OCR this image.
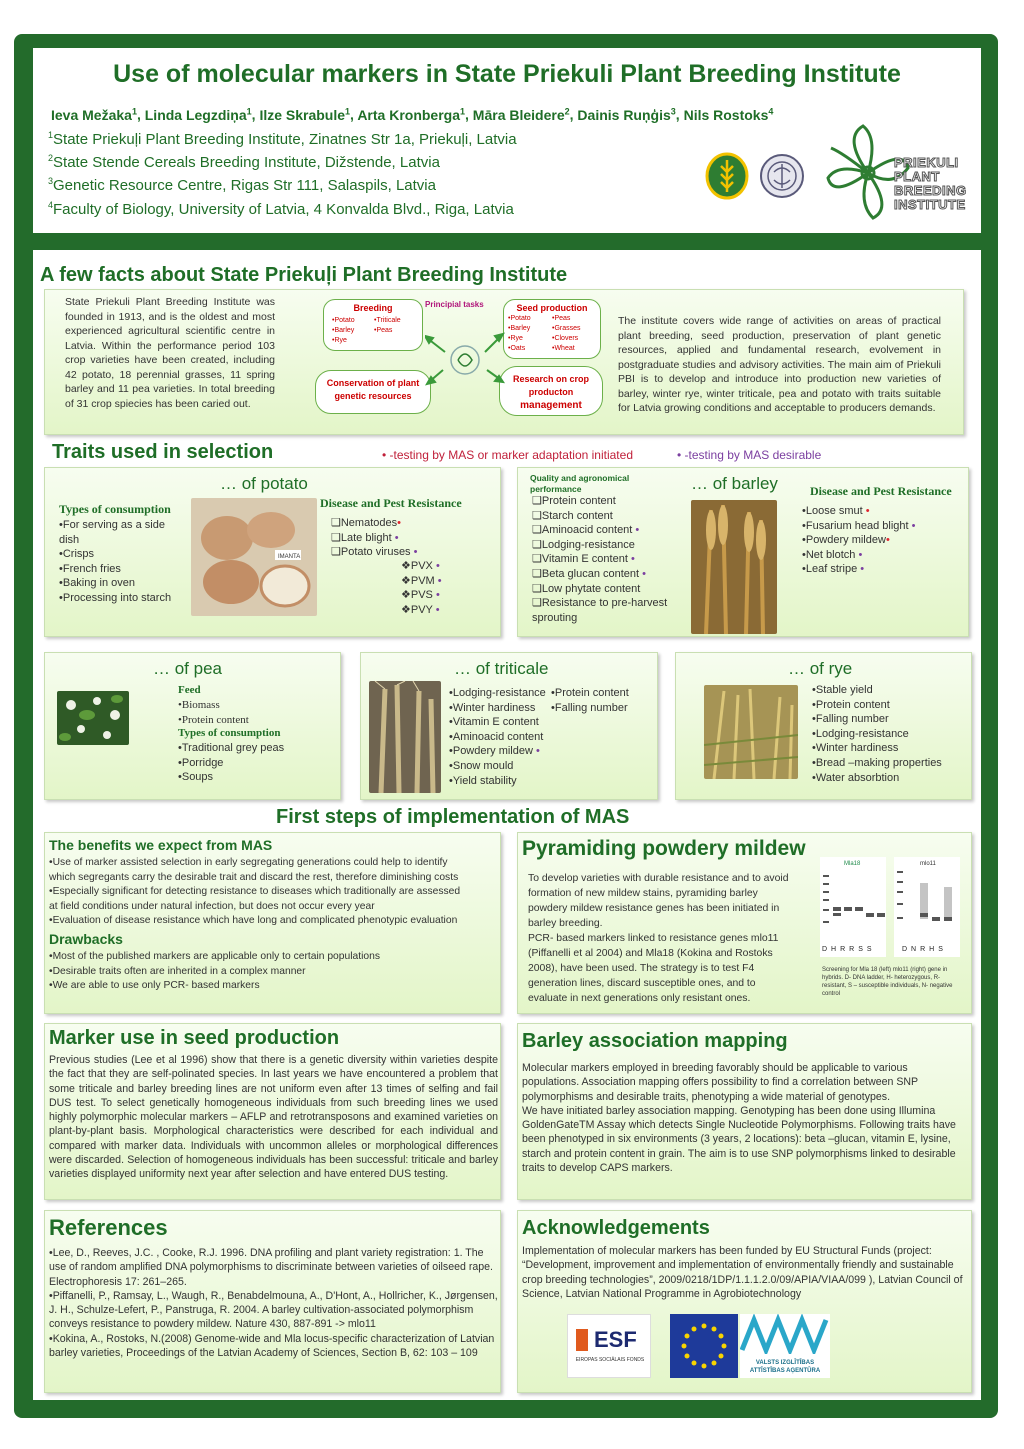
Use of molecular markers in State Priekuli Plant Breeding Institute
Ieva Mežaka$^1$, Linda Legzdiņa$^1$, Ilze Skrabule$^1$, Arta Kronberga$^1$, Māra Bleidere$^2$, Dainis Ruņģis$^3$, Nils Rostoks$^4$
$^1$State Priekuļi Plant Breeding Institute, Zinatnes Str 1a, Priekuļi, Latvia
$^2$State Stende Cereals Breeding Institute, Dižstende, Latvia
$^3$Genetic Resource Centre, Rigas Str 111, Salaspils, Latvia
$^4$Faculty of Biology, University of Latvia, 4 Konvalda Blvd., Riga, Latvia
PRIEKULI
PLANT
BREEDING
INSTITUTE
A few facts about State Priekuļi Plant Breeding Institute
State Priekuli Plant Breeding Institute was founded in 1913, and is the oldest and most experienced agricultural scientific centre in Latvia. Within the performance period 103 crop varieties have been created, including 42 potato, 18 perennial grasses, 11 spring barley and 11 pea varieties. In total breeding of 31 crop spiecies has been caried out.
The institute covers wide range of activities on areas of practical plant breeding, seed production, preservation of plant genetic resources, applied and fundamental research, evolvement in postgraduate studies and advisory activities. The main aim of Priekuli PBI is to develop and introduce into production new varieties of barley, winter rye, winter triticale, pea and potato with traits suitable for Latvia growing conditions and acceptable to producers demands.
Principial tasks
Breeding
•Potato
•Barley
•Rye
•Triticale
•Peas
Seed production
•Potato
•Barley
•Rye
•Oats
•Peas
•Grasses
•Clovers
•Wheat
Conservation of plant genetic resources
Research on crop producton
management
Traits used in selection	• -testing by MAS or marker adaptation initiated	• -testing by MAS desirable
… of potato
Types of consumption
•For serving as a side
dish
•Crisps
•French fries
•Baking in oven
•Processing into starch
IMANTA
Disease and Pest Resistance
❑Nematodes•
❑Late blight •
❑Potato viruses •
❖PVX •
❖PVM •
❖PVS •
❖PVY •
Quality and agronomical performance
❑Protein content
❑Starch content
❑Aminoacid content •
❑Lodging-resistance
❑Vitamin E content •
❑Beta glucan content •
❑Low phytate content
❑Resistance to pre-harvest
sprouting
… of barley	Disease and Pest Resistance
•Loose smut •
•Fusarium head blight •
•Powdery mildew•
•Net blotch •
•Leaf stripe •
… of pea
Feed
•Biomass
•Protein content
Types of consumption
•Traditional grey peas
•Porridge
•Soups
… of triticale
•Lodging-resistance
•Winter hardiness
•Vitamin E content
•Aminoacid content
•Powdery mildew •
•Snow mould
•Yield stability
•Protein content
•Falling number
… of rye
•Stable yield
•Protein content
•Falling number
•Lodging-resistance
•Winter hardiness
•Bread –making properties
•Water absorbtion
First steps of implementation of MAS
The benefits we expect from MAS
•Use of marker assisted selection in early segregating generations could help to identify
which segregants carry the desirable trait and discard the rest, therefore diminishing costs
•Especially significant for detecting resistance to diseases which traditionally are assessed
at field conditions under natural infection, but does not occur every year
•Evaluation of disease resistance which have long and complicated phenotypic evaluation
Drawbacks
•Most of the published markers are applicable only to certain populations
•Desirable traits often are inherited in a complex manner
•We are able to use only PCR- based markers
Pyramiding powdery mildew
To develop varieties with durable resistance and to avoid
formation of new mildew stains, pyramiding barley
powdery mildew resistance genes has been initiated in
barley breeding.
PCR- based markers linked to resistance genes mlo11
(Piffanelli et al 2004) and Mla18 (Kokina and Rostoks
2008), have been used. The strategy is to test F4
generation lines, discard susceptible ones, and to
evaluate in next generations only resistant ones.
Mla18	mlo11
DHRRSS	DNRHS
Screening for Mla 18 (left) mlo11 (right) gene in hybrids. D- DNA ladder, H- heterozygous, R- resistant, S – susceptible individuals, N- negative control
Marker use in seed production
Previous studies (Lee et al 1996) show that there is a genetic diversity within varieties despite the fact that they are self-polinated species. In last years we have encountered a problem that some triticale and barley breeding lines are not uniform even after 13 times of selfing and fail DUS test. To select genetically homogeneous individuals from such breeding lines we used highly polymorphic molecular markers – AFLP and retrotransposons and examined varieties on plant-by-plant basis. Morphological characteristics were described for each individual and compared with marker data. Individuals with uncommon alleles or morphological differences were discarded. Selection of homogeneous individuals has been successful: triticale and barley varieties displayed uniformity next year after selection and have entered DUS testing.
Barley association mapping
Molecular markers employed in breeding favorably should be applicable to various populations. Association mapping offers possibility to find a correlation between SNP polymorphisms and desirable traits, phenotyping a wide material of genotypes.
We have initiated barley association mapping. Genotyping has been done using Illumina GoldenGateTM Assay which detects Single Nucleotide Polymorphisms. Following traits have been phenotyped in six environments (3 years, 2 locations): beta –glucan, vitamin E, lysine, starch and protein content in grain. The aim is to use SNP polymorphisms linked to desirable traits to develop CAPS markers.
References
•Lee, D., Reeves, J.C. , Cooke, R.J. 1996. DNA profiling and plant variety registration: 1. The use of random amplified DNA polymorphisms to discriminate between varieties of oilseed rape. Electrophoresis 17: 261–265.
•Piffanelli, P., Ramsay, L., Waugh, R., Benabdelmouna, A., D'Hont, A., Hollricher, K., Jørgensen, J. H., Schulze-Lefert, P., Panstruga, R. 2004. A barley cultivation-associated polymorphism conveys resistance to powdery mildew. Nature 430, 887-891 -> mlo11
•Kokina, A., Rostoks, N.(2008) Genome-wide and Mla locus-specific characterization of Latvian barley varieties, Proceedings of the Latvian Academy of Sciences, Section B, 62: 103 – 109
Acknowledgements
Implementation of molecular markers has been funded by EU Structural Funds (project: “Development, improvement and implementation of environmentally friendly and sustainable crop breeding technologies”, 2009/0218/1DP/1.1.1.2.0/09/APIA/VIAA/099 ), Latvian Council of Science, Latvian National Programme in Agrobiotechnology
ESF
EIROPAS SOCIĀLAIS FONDS	VALSTS IZGLĪTĪBAS ATTĪSTĪBAS AĢENTŪRA
